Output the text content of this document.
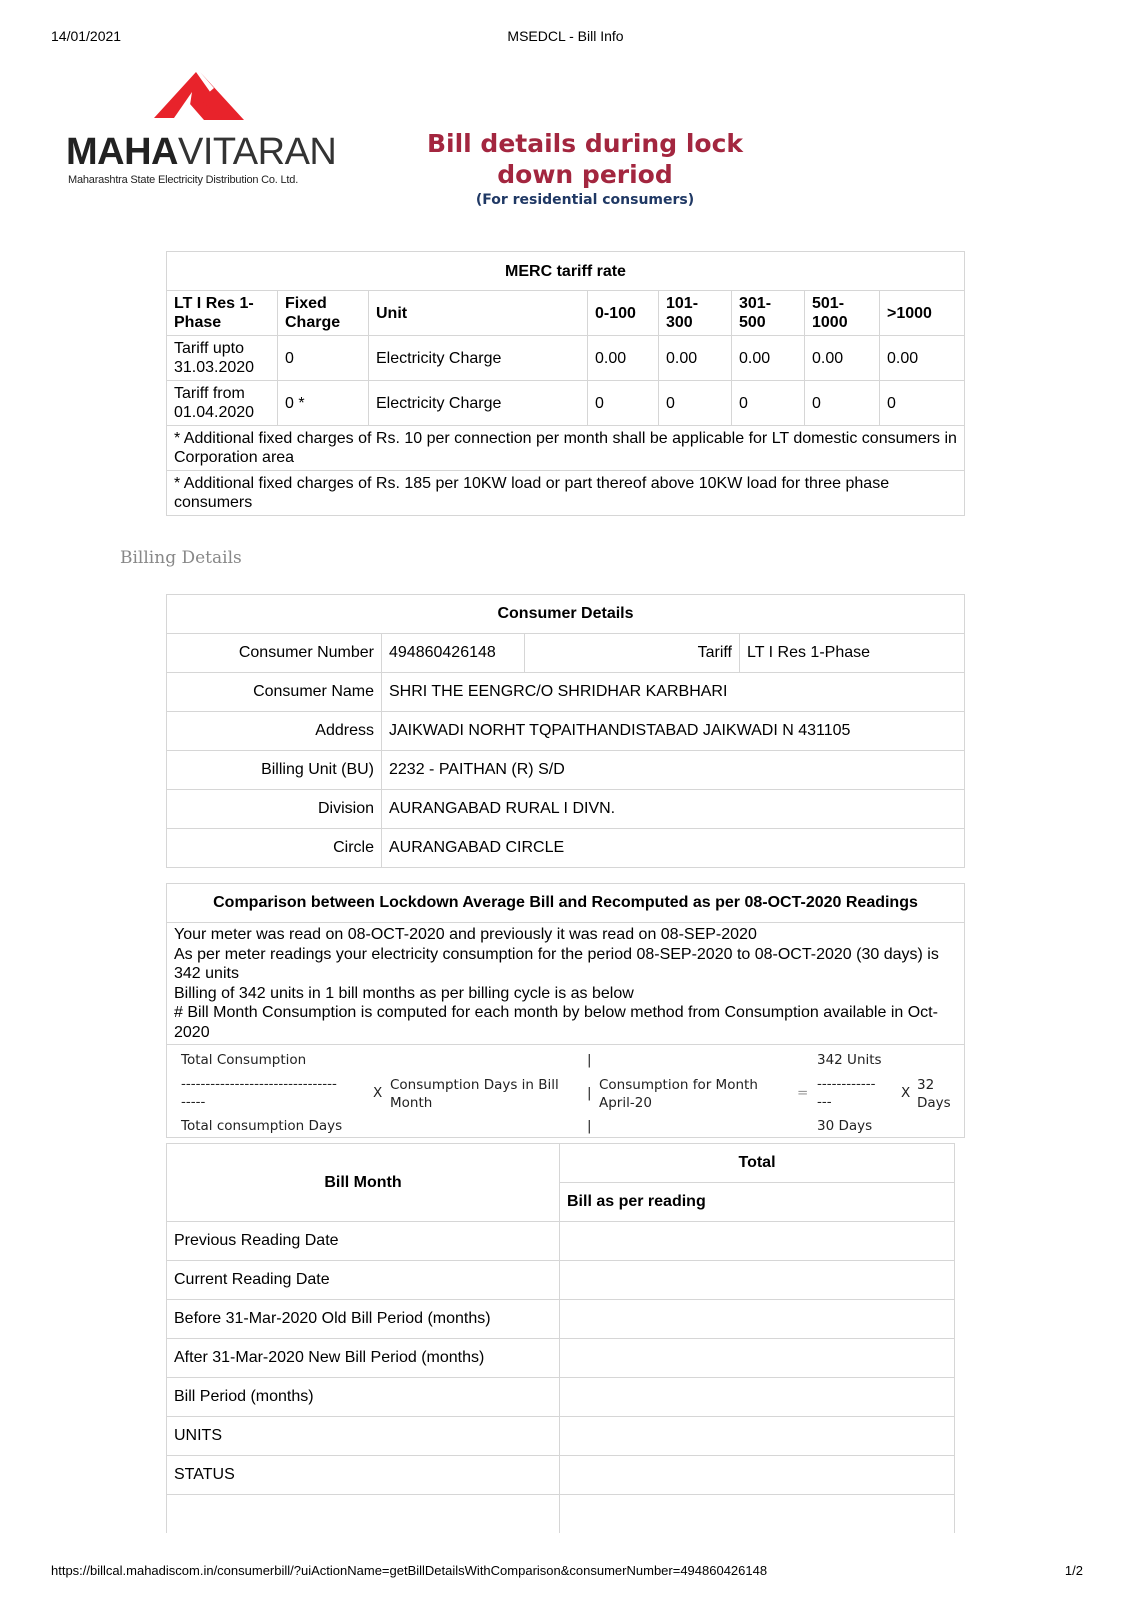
14/01/2021	MSEDCL - Bill Info
MAHAVITARAN
Maharashtra State Electricity Distribution Co. Ltd.
Bill details during lock down period
(For residential consumers)
MERC tariff rate							
LT I Res 1-Phase	Fixed Charge	Unit	0-100	101-300	301-500	501-1000	>1000
Tariff upto 31.03.2020	0	Electricity Charge	0.00	0.00	0.00	0.00	0.00
Tariff from 01.04.2020	0 *	Electricity Charge	0	0	0	0	0
* Additional fixed charges of Rs. 10 per connection per month shall be applicable for LT domestic consumers in Corporation area							
* Additional fixed charges of Rs. 185 per 10KW load or part thereof above 10KW load for three phase consumers							
Billing Details
Consumer Details			
Consumer Number	494860426148	Tariff	LT I Res 1-Phase
Consumer Name	SHRI THE EENGRC/O SHRIDHAR KARBHARI		
Address	JAIKWADI NORHT TQPAITHANDISTABAD JAIKWADI N 431105		
Billing Unit (BU)	2232 - PAITHAN (R) S/D		
Division	AURANGABAD RURAL I DIVN.		
Circle	AURANGABAD CIRCLE		
Comparison between Lockdown Average Bill and Recomputed as per 08-OCT-2020 Readings

Your meter was read on 08-OCT-2020 and previously it was read on 08-SEP-2020
As per meter readings your electricity consumption for the period 08-SEP-2020 to 08-OCT-2020 (30 days) is 342 units
Billing of 342 units in 1 bill months as per billing cycle is as below
# Bill Month Consumption is computed for each month by below method from Consumption available in Oct-2020

Total Consumption
--------------------------------
-----
Total consumption Days
X Consumption Days in Bill Month
|
|
|
Consumption for Month April-20
=
342 Units
------------
---
30 Days
X 32 Days
Bill Month	Total
	Bill as per reading
Previous Reading Date	
Current Reading Date	
Before 31-Mar-2020 Old Bill Period (months)	
After 31-Mar-2020 New Bill Period (months)	
Bill Period (months)	
UNITS	
STATUS	

https://billcal.mahadiscom.in/consumerbill/?uiActionName=getBillDetailsWithComparison&consumerNumber=494860426148	1/2
